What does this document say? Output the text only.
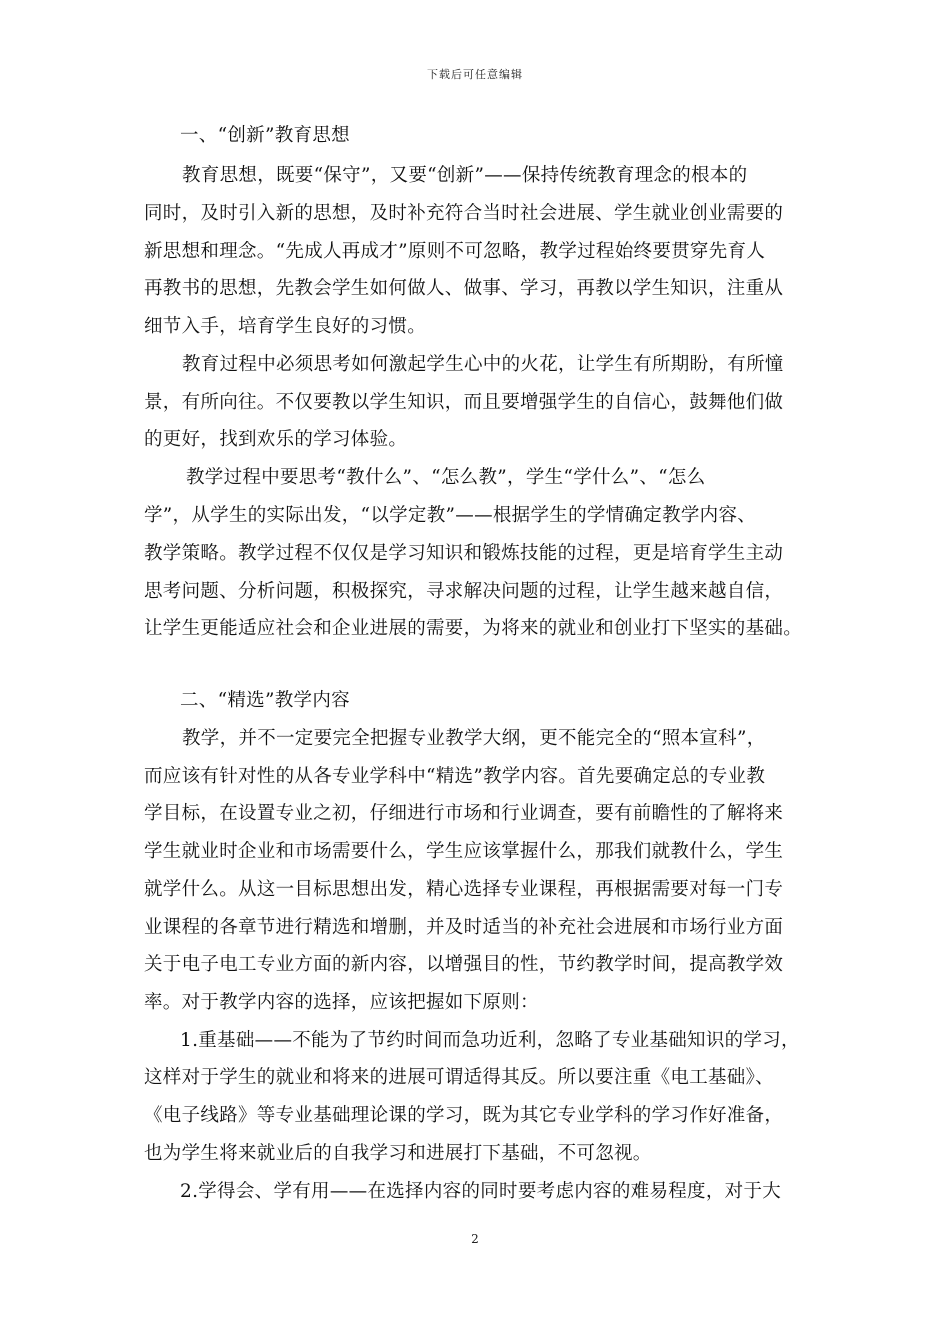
下载后可任意编辑
一、“创新”教育思想
教育思想，既要“保守”，又要“创新”——保持传统教育理念的根本的
同时，及时引入新的思想，及时补充符合当时社会进展、学生就业创业需要的
新思想和理念。“先成人再成才”原则不可忽略，教学过程始终要贯穿先育人
再教书的思想，先教会学生如何做人、做事、学习，再教以学生知识，注重从
细节入手，培育学生良好的习惯。
教育过程中必须思考如何激起学生心中的火花，让学生有所期盼，有所憧
景，有所向往。不仅要教以学生知识，而且要增强学生的自信心，鼓舞他们做
的更好，找到欢乐的学习体验。
教学过程中要思考“教什么”、“怎么教”，学生“学什么”、“怎么
学”，从学生的实际出发，“以学定教”——根据学生的学情确定教学内容、
教学策略。教学过程不仅仅是学习知识和锻炼技能的过程，更是培育学生主动
思考问题、分析问题，积极探究，寻求解决问题的过程，让学生越来越自信，
让学生更能适应社会和企业进展的需要，为将来的就业和创业打下坚实的基础。
二、“精选”教学内容
教学，并不一定要完全把握专业教学大纲，更不能完全的“照本宣科”，
而应该有针对性的从各专业学科中“精选”教学内容。首先要确定总的专业教
学目标，在设置专业之初，仔细进行市场和行业调查，要有前瞻性的了解将来
学生就业时企业和市场需要什么，学生应该掌握什么，那我们就教什么，学生
就学什么。从这一目标思想出发，精心选择专业课程，再根据需要对每一门专
业课程的各章节进行精选和增删，并及时适当的补充社会进展和市场行业方面
关于电子电工专业方面的新内容，以增强目的性，节约教学时间，提高教学效
率。对于教学内容的选择，应该把握如下原则：
1.重基础——不能为了节约时间而急功近利，忽略了专业基础知识的学习，
这样对于学生的就业和将来的进展可谓适得其反。所以要注重《电工基础》、
《电子线路》等专业基础理论课的学习，既为其它专业学科的学习作好准备，
也为学生将来就业后的自我学习和进展打下基础，不可忽视。
2.学得会、学有用——在选择内容的同时要考虑内容的难易程度，对于大
2
